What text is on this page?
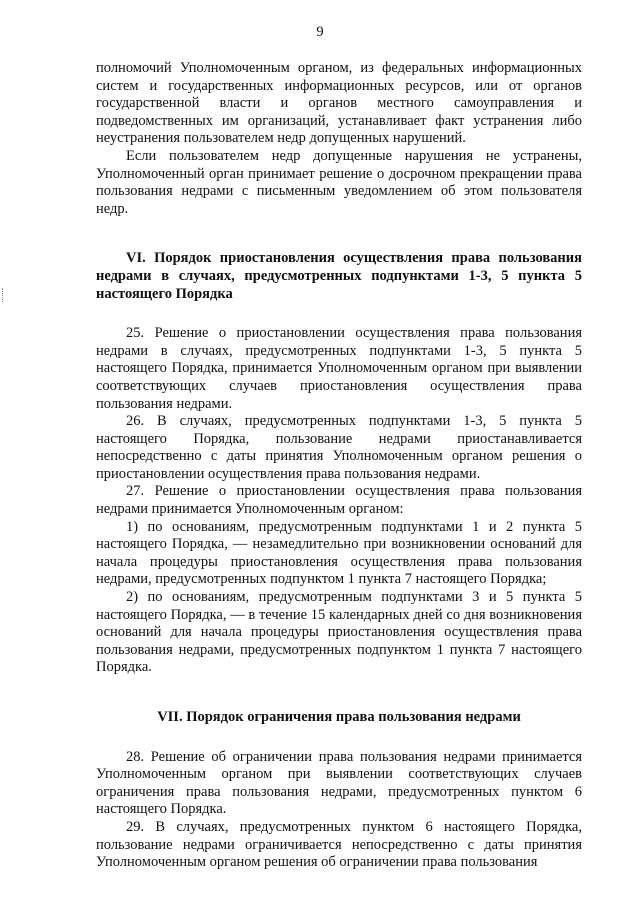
9

полномочий Уполномоченным органом, из федеральных информационных систем и государственных информационных ресурсов, или от органов государственной власти и органов местного самоуправления и подведомственных им организаций, устанавливает факт устранения либо неустранения пользователем недр допущенных нарушений.

Если пользователем недр допущенные нарушения не устранены, Уполномоченный орган принимает решение о досрочном прекращении права пользования недрами с письменным уведомлением об этом пользователя недр.

VI. Порядок приостановления осуществления права пользования недрами в случаях, предусмотренных подпунктами 1-3, 5 пункта 5 настоящего Порядка

25. Решение о приостановлении осуществления права пользования недрами в случаях, предусмотренных подпунктами 1-3, 5 пункта 5 настоящего Порядка, принимается Уполномоченным органом при выявлении соответствующих случаев приостановления осуществления права пользования недрами.

26. В случаях, предусмотренных подпунктами 1-3, 5 пункта 5 настоящего Порядка, пользование недрами приостанавливается непосредственно с даты принятия Уполномоченным органом решения о приостановлении осуществления права пользования недрами.

27. Решение о приостановлении осуществления права пользования недрами принимается Уполномоченным органом:

1) по основаниям, предусмотренным подпунктами 1 и 2 пункта 5 настоящего Порядка, — незамедлительно при возникновении оснований для начала процедуры приостановления осуществления права пользования недрами, предусмотренных подпунктом 1 пункта 7 настоящего Порядка;

2) по основаниям, предусмотренным подпунктами 3 и 5 пункта 5 настоящего Порядка, — в течение 15 календарных дней со дня возникновения оснований для начала процедуры приостановления осуществления права пользования недрами, предусмотренных подпунктом 1 пункта 7 настоящего Порядка.

VII. Порядок ограничения права пользования недрами

28. Решение об ограничении права пользования недрами принимается Уполномоченным органом при выявлении соответствующих случаев ограничения права пользования недрами, предусмотренных пунктом 6 настоящего Порядка.

29. В случаях, предусмотренных пунктом 6 настоящего Порядка, пользование недрами ограничивается непосредственно с даты принятия Уполномоченным органом решения об ограничении права пользования
